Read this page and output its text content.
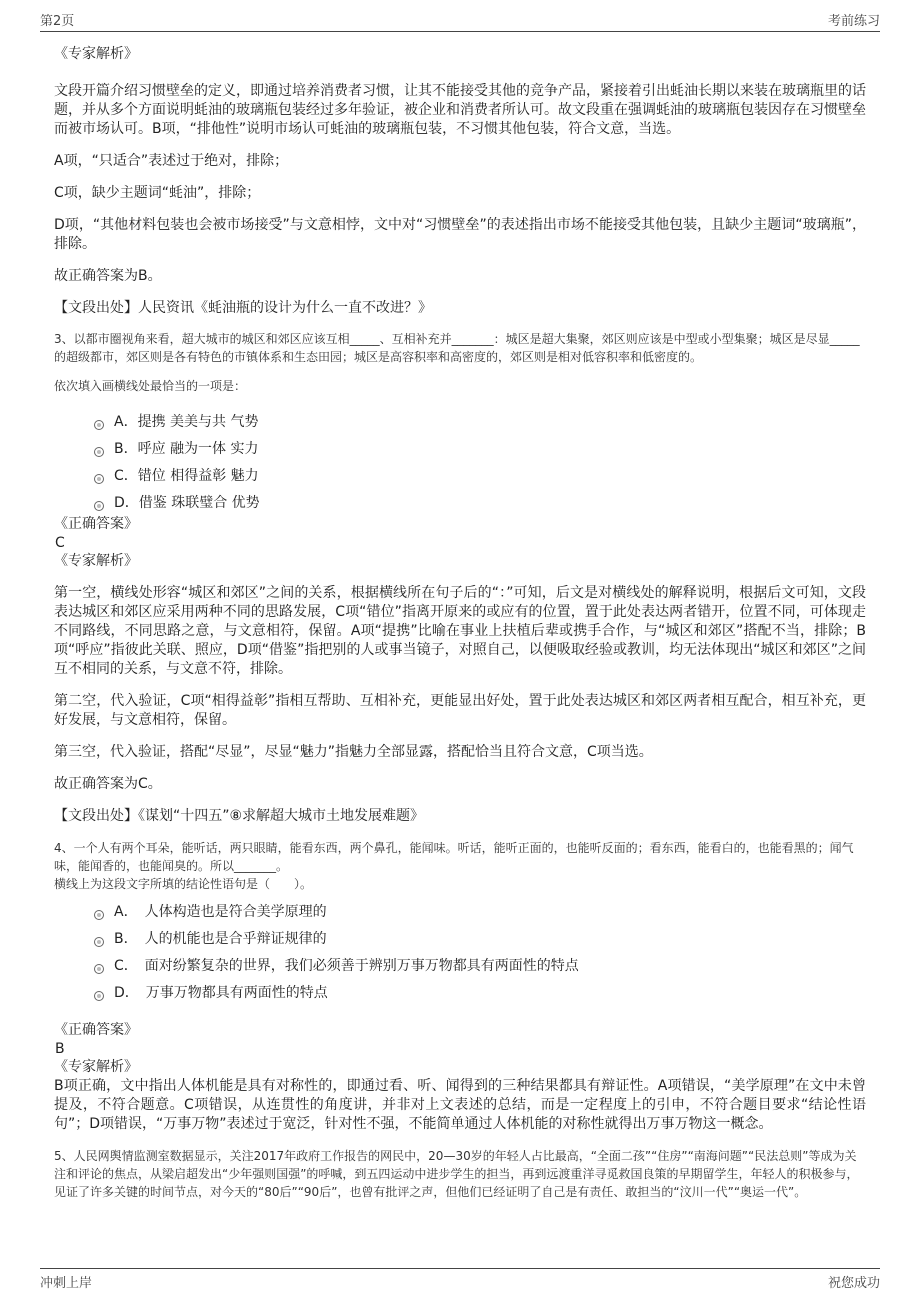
第2页	考前练习

《专家解析》

文段开篇介绍习惯壁垒的定义，即通过培养消费者习惯，让其不能接受其他的竞争产品，紧接着引出蚝油长期以来装在玻璃瓶里的话题，并从多个方面说明蚝油的玻璃瓶包装经过多年验证，被企业和消费者所认可。故文段重在强调蚝油的玻璃瓶包装因存在习惯壁垒而被市场认可。B项，“排他性”说明市场认可蚝油的玻璃瓶包装，不习惯其他包装，符合文意，当选。

A项，“只适合”表述过于绝对，排除；

C项，缺少主题词“蚝油”，排除；

D项，“其他材料包装也会被市场接受”与文意相悖，文中对“习惯壁垒”的表述指出市场不能接受其他包装，且缺少主题词“玻璃瓶”，排除。

故正确答案为B。

【文段出处】人民资讯《蚝油瓶的设计为什么一直不改进？》

3、以都市圈视角来看，超大城市的城区和郊区应该互相_____、互相补充并_______：城区是超大集聚，郊区则应该是中型或小型集聚；城区是尽显_____的超级都市，郊区则是各有特色的市镇体系和生态田园；城区是高容积率和高密度的，郊区则是相对低容积率和低密度的。

依次填入画横线处最恰当的一项是：

A．提携 美美与共 气势
B．呼应 融为一体 实力
C．错位 相得益彰 魅力
D．借鉴 珠联璧合 优势

《正确答案》

C

《专家解析》

第一空，横线处形容“城区和郊区”之间的关系，根据横线所在句子后的“：”可知，后文是对横线处的解释说明，根据后文可知，文段表达城区和郊区应采用两种不同的思路发展，C项“错位”指离开原来的或应有的位置，置于此处表达两者错开，位置不同，可体现走不同路线，不同思路之意，与文意相符，保留。A项“提携”比喻在事业上扶植后辈或携手合作，与“城区和郊区”搭配不当，排除；B项“呼应”指彼此关联、照应，D项“借鉴”指把别的人或事当镜子，对照自己，以便吸取经验或教训，均无法体现出“城区和郊区”之间互不相同的关系，与文意不符，排除。

第二空，代入验证，C项“相得益彰”指相互帮助、互相补充，更能显出好处，置于此处表达城区和郊区两者相互配合，相互补充，更好发展，与文意相符，保留。

第三空，代入验证，搭配“尽显”，尽显“魅力”指魅力全部显露，搭配恰当且符合文意，C项当选。

故正确答案为C。

【文段出处】《谋划“十四五”⑧求解超大城市土地发展难题》

4、一个人有两个耳朵，能听话，两只眼睛，能看东西，两个鼻孔，能闻味。听话，能听正面的，也能听反面的；看东西，能看白的，也能看黑的；闻气味，能闻香的，也能闻臭的。所以_______。

横线上为这段文字所填的结论性语句是（　　）。

A．　人体构造也是符合美学原理的
B．　人的机能也是合乎辩证规律的
C．　面对纷繁复杂的世界，我们必须善于辨别万事万物都具有两面性的特点
D．　万事万物都具有两面性的特点

《正确答案》

B

《专家解析》

B项正确，文中指出人体机能是具有对称性的，即通过看、听、闻得到的三种结果都具有辩证性。A项错误，“美学原理”在文中未曾提及，不符合题意。C项错误，从连贯性的角度讲，并非对上文表述的总结，而是一定程度上的引申，不符合题目要求“结论性语句”；D项错误，“万事万物”表述过于宽泛，针对性不强，不能简单通过人体机能的对称性就得出万事万物这一概念。

5、人民网舆情监测室数据显示，关注2017年政府工作报告的网民中，20—30岁的年轻人占比最高，“全面二孩”“住房”“南海问题”“民法总则”等成为关注和评论的焦点，从梁启超发出“少年强则国强”的呼喊，到五四运动中进步学生的担当，再到远渡重洋寻觅救国良策的早期留学生，年轻人的积极参与，见证了许多关键的时间节点，对今天的“80后”“90后”，也曾有批评之声，但他们已经证明了自己是有责任、敢担当的“汶川一代”“奥运一代”。

冲刺上岸	祝您成功
